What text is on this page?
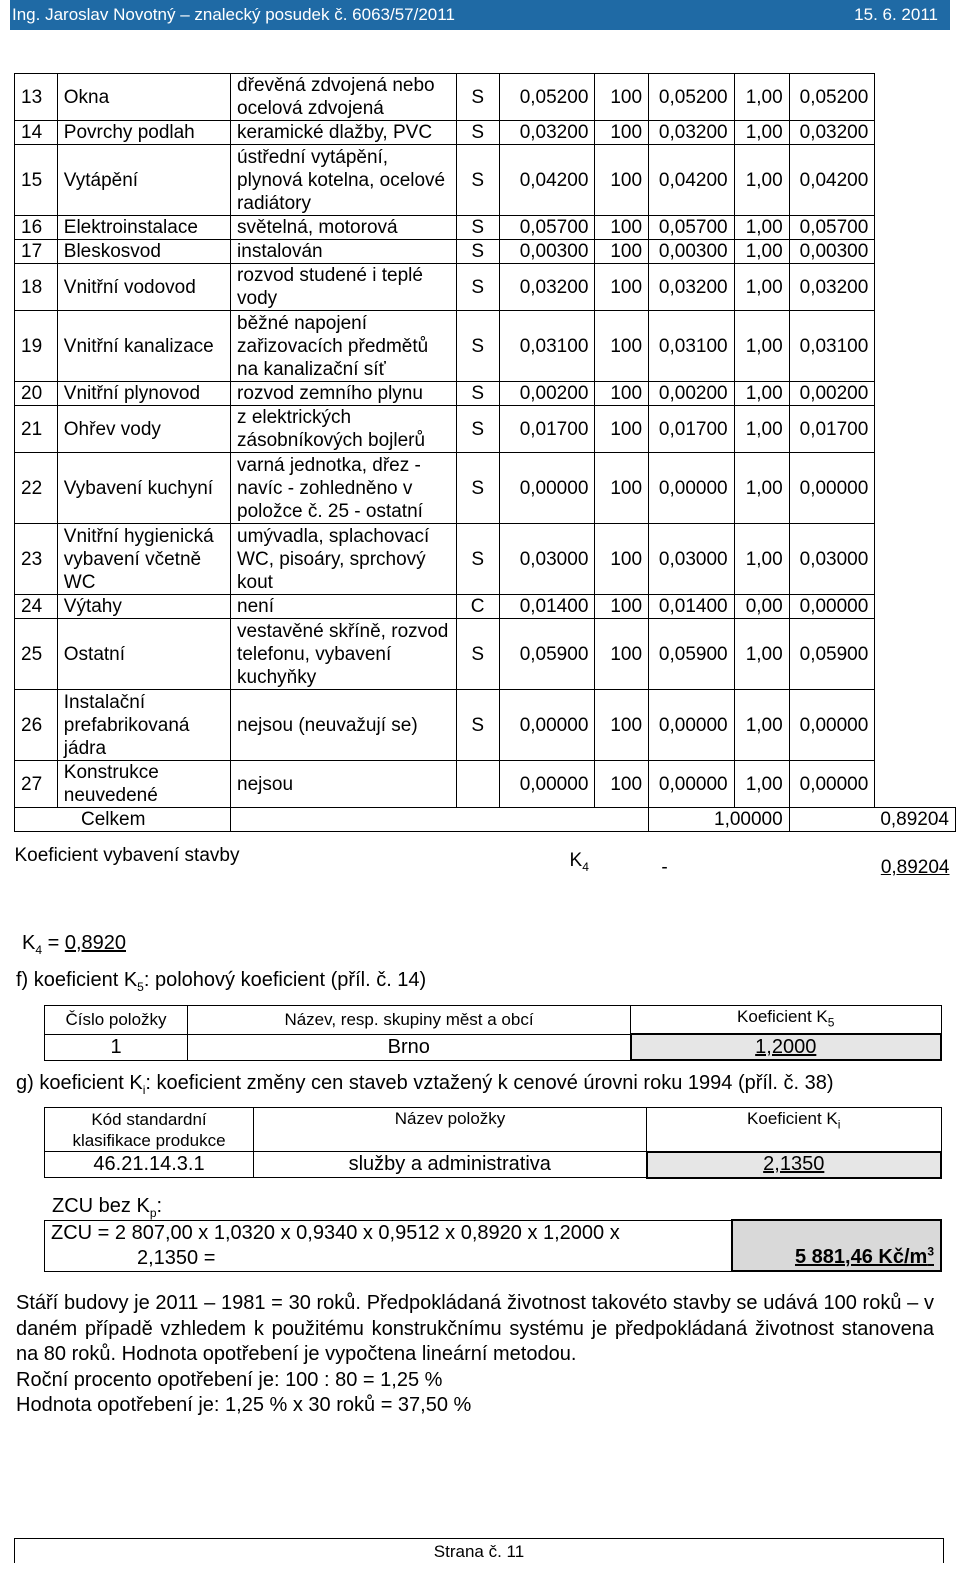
Ing. Jaroslav Novotný – znalecký posudek č. 6063/57/2011	15. 6. 2011
13	Okna	dřevěná zdvojená nebo ocelová zdvojená	S	0,05200	100	0,05200	1,00	0,05200	
14	Povrchy podlah	keramické dlažby, PVC	S	0,03200	100	0,03200	1,00	0,03200	
15	Vytápění	ústřední vytápění, plynová kotelna, ocelové radiátory	S	0,04200	100	0,04200	1,00	0,04200	
16	Elektroinstalace	světelná, motorová	S	0,05700	100	0,05700	1,00	0,05700	
17	Bleskosvod	instalován	S	0,00300	100	0,00300	1,00	0,00300	
18	Vnitřní vodovod	rozvod studené i teplé vody	S	0,03200	100	0,03200	1,00	0,03200	
19	Vnitřní kanalizace	běžné napojení zařizovacích předmětů na kanalizační síť	S	0,03100	100	0,03100	1,00	0,03100	
20	Vnitřní plynovod	rozvod zemního plynu	S	0,00200	100	0,00200	1,00	0,00200	
21	Ohřev vody	z elektrických zásobníkových bojlerů	S	0,01700	100	0,01700	1,00	0,01700	
22	Vybavení kuchyní	varná jednotka, dřez - navíc - zohledněno v položce č. 25 - ostatní	S	0,00000	100	0,00000	1,00	0,00000	
23	Vnitřní hygienická vybavení včetně WC	umývadla, splachovací WC, pisoáry, sprchový kout	S	0,03000	100	0,03000	1,00	0,03000	
24	Výtahy	není	C	0,01400	100	0,01400	0,00	0,00000	
25	Ostatní	vestavěné skříně, rozvod telefonu, vybavení kuchyňky	S	0,05900	100	0,05900	1,00	0,05900	
26	Instalační prefabrikovaná jádra	nejsou (neuvažují se)	S	0,00000	100	0,00000	1,00	0,00000	
27	Konstrukce neuvedené	nejsou		0,00000	100	0,00000	1,00	0,00000	
Celkem						1,00000		0,89204	
Koeficient vybavení stavby				$K_4$	-				0,89204
$K_4 = 0,8920$
f) koeficient $K_5$: polohový koeficient (příl. č. 14)
Číslo položky	Název, resp. skupiny měst a obcí	Koeficient $K_5$
1	Brno	1,2000
g) koeficient $K_i$: koeficient změny cen staveb vztažený k cenové úrovni roku 1994 (příl. č. 38)
Kód standardní klasifikace produkce	Název položky	Koeficient $K_i$
46.21.14.3.1	služby a administrativa	2,1350
ZCU bez $K_p$:
ZCU = 2 807,00 x 1,0320 x 0,9340 x 0,9512 x 0,8920 x 1,2000 x
2,1350 =	5 881,46 $Kč/m^3$

Stáří budovy je 2011 – 1981 = 30 roků. Předpokládaná životnost takovéto stavby se udává 100 roků – v daném případě vzhledem k použitému konstrukčnímu systému je předpokládaná životnost stanovena na 80 roků. Hodnota opotřebení je vypočtena lineární metodou.

Roční procento opotřebení je: 100 : 80 = 1,25 %

Hodnota opotřebení je: 1,25 % x 30 roků = 37,50 %

Strana č. 11
